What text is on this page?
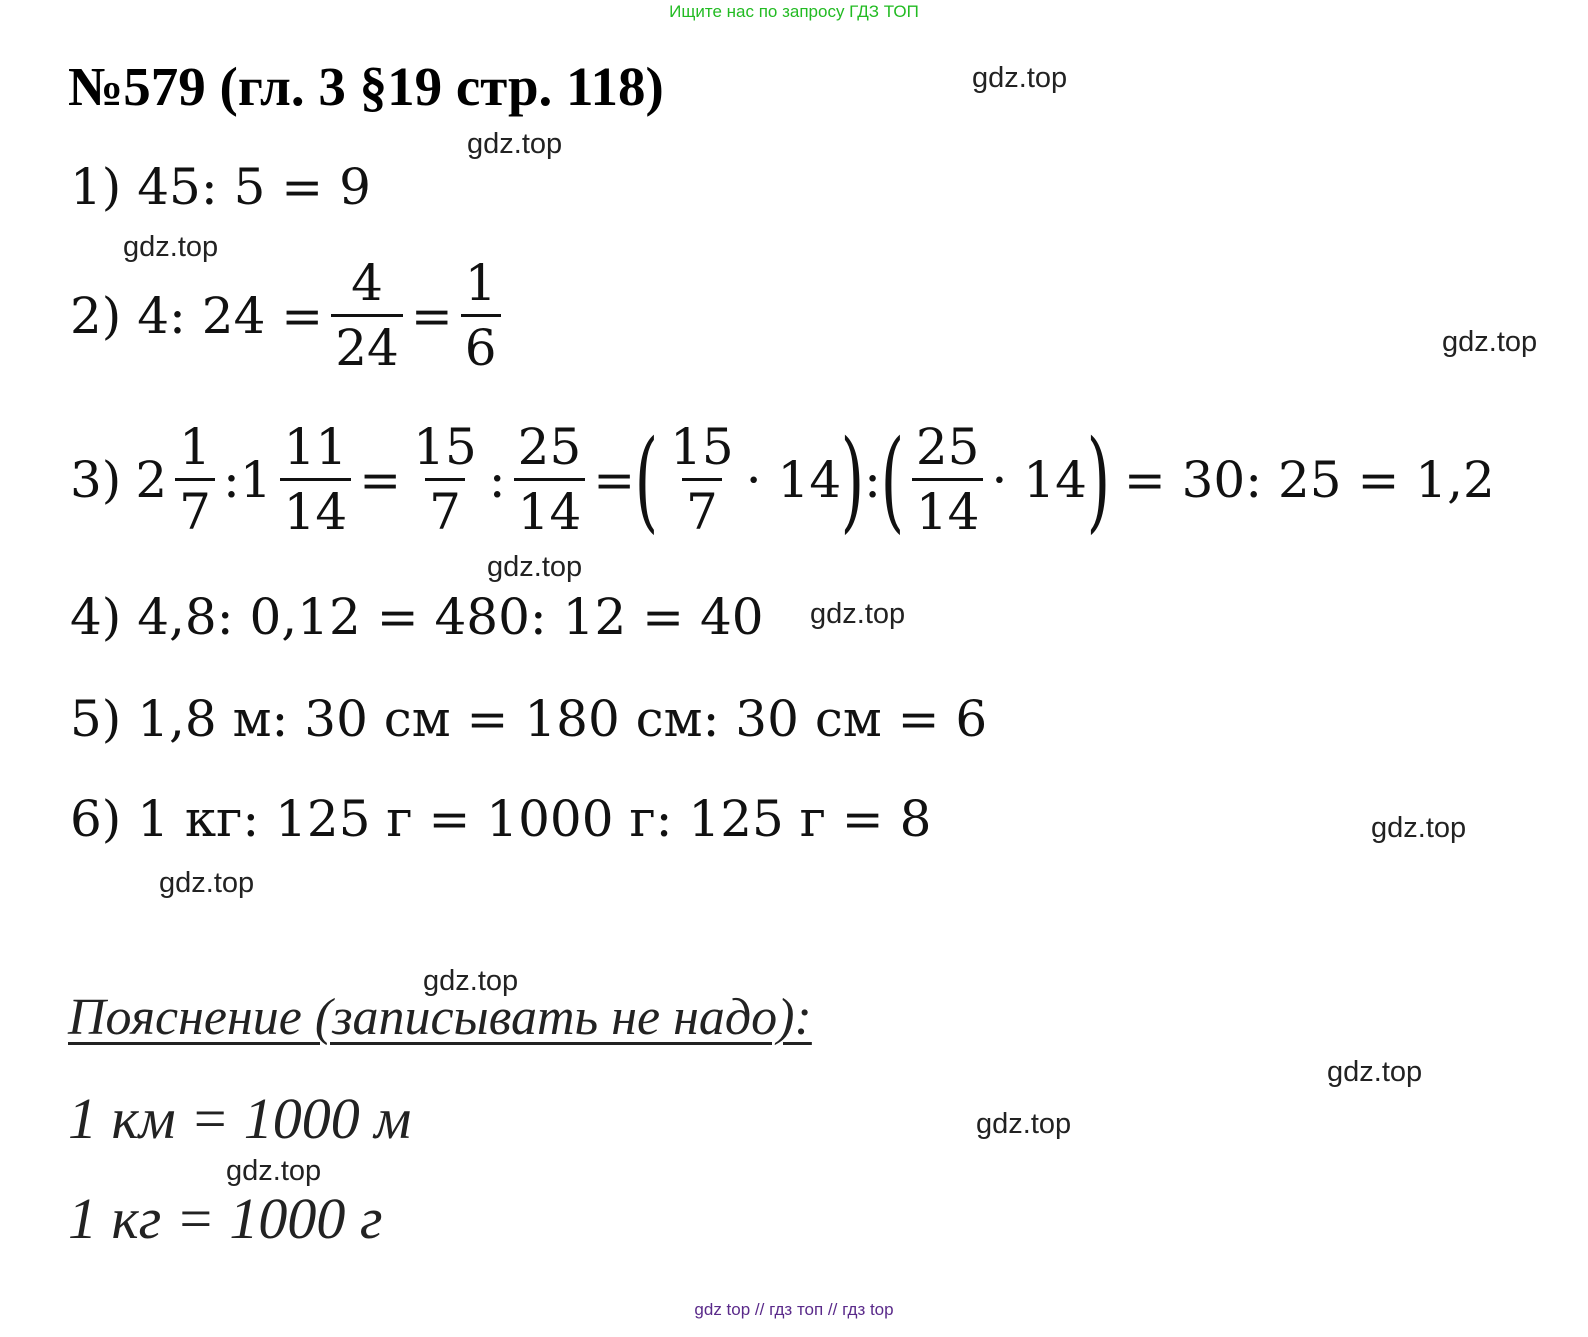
Ищите нас по запросу ГДЗ ТОП
№579 (гл. 3 §19 стр. 118)	gdz.top
gdz.top
gdz.top
gdz.top
gdz.top
gdz.top
gdz.top
gdz.top
gdz.top
gdz.top
gdz.top
gdz.top
1) 45: 5 = 9
2) 4: $24 = \frac{4}{24} = \frac{1}{6}$
3) $2 \frac{1}{7}$ : $1 \frac{11}{14} = \frac{15}{7}$ : $\frac{25}{14}$ = ( $\frac{15}{7} \cdot 14$ ) : ( $\frac{25}{14} \cdot 14$ ) = 30: 25 = 1,2
4) 4,8: 0,12 = 480: 12 = 40
5) 1,8 м: 30 см = 180 см: 30 см = 6
6) 1 кг: 125 г = 1000 г: 125 г = 8
Пояснение (записывать не надо):
1 км = 1000 м
1 кг = 1000 г
gdz top // гдз топ // гдз top
